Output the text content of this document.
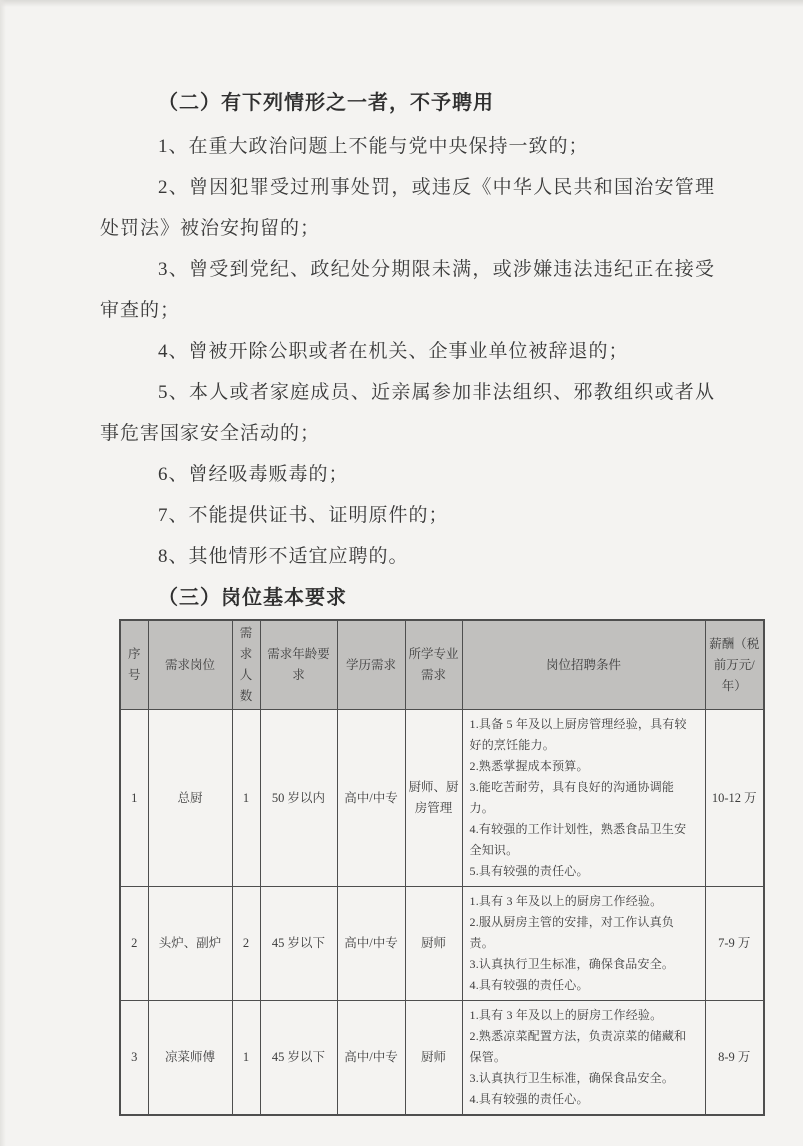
（二）有下列情形之一者，不予聘用

1、在重大政治问题上不能与党中央保持一致的；

2、曾因犯罪受过刑事处罚，或违反《中华人民共和国治安管理处罚法》被治安拘留的；

3、曾受到党纪、政纪处分期限未满，或涉嫌违法违纪正在接受审查的；

4、曾被开除公职或者在机关、企事业单位被辞退的；

5、本人或者家庭成员、近亲属参加非法组织、邪教组织或者从事危害国家安全活动的；

6、曾经吸毒贩毒的；

7、不能提供证书、证明原件的；

8、其他情形不适宜应聘的。

（三）岗位基本要求
序号	需求岗位	需求人数	需求年龄要求	学历需求	所学专业需求	岗位招聘条件	薪酬（税前万元/年）
1	总厨	1	50 岁以内	高中/中专	厨师、厨房管理	1.具备 5 年及以上厨房管理经验，具有较好的烹饪能力。
2.熟悉掌握成本预算。
3.能吃苦耐劳，具有良好的沟通协调能力。
4.有较强的工作计划性，熟悉食品卫生安全知识。
5.具有较强的责任心。	10-12 万
2	头炉、副炉	2	45 岁以下	高中/中专	厨师	1.具有 3 年及以上的厨房工作经验。
2.服从厨房主管的安排，对工作认真负责。
3.认真执行卫生标准，确保食品安全。
4.具有较强的责任心。	7-9 万
3	凉菜师傅	1	45 岁以下	高中/中专	厨师	1.具有 3 年及以上的厨房工作经验。
2.熟悉凉菜配置方法，负责凉菜的储藏和保管。
3.认真执行卫生标准，确保食品安全。
4.具有较强的责任心。	8-9 万
